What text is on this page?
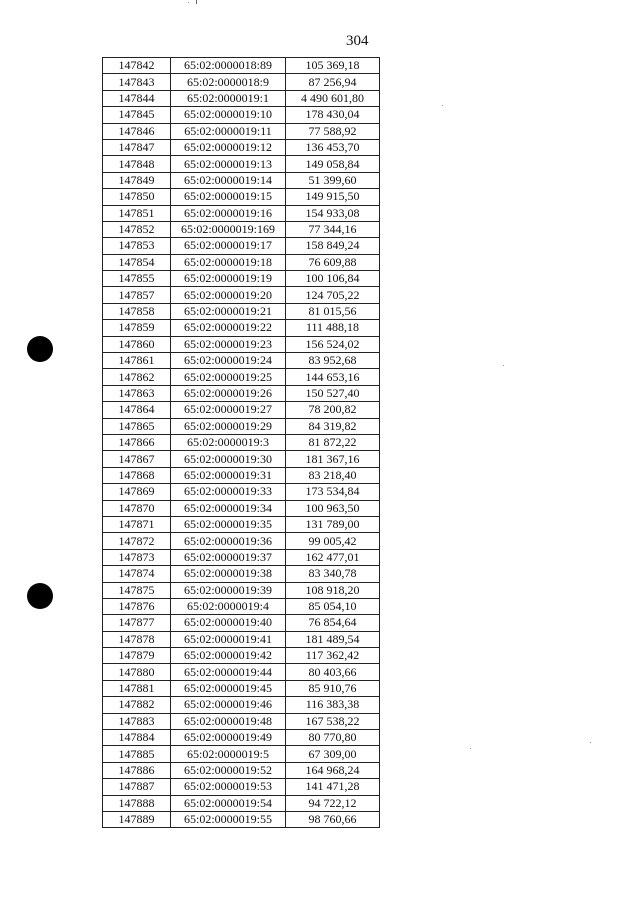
304
147842	65:02:0000018:89	105 369,18
147843	65:02:0000018:9	87 256,94
147844	65:02:0000019:1	4 490 601,80
147845	65:02:0000019:10	178 430,04
147846	65:02:0000019:11	77 588,92
147847	65:02:0000019:12	136 453,70
147848	65:02:0000019:13	149 058,84
147849	65:02:0000019:14	51 399,60
147850	65:02:0000019:15	149 915,50
147851	65:02:0000019:16	154 933,08
147852	65:02:0000019:169	77 344,16
147853	65:02:0000019:17	158 849,24
147854	65:02:0000019:18	76 609,88
147855	65:02:0000019:19	100 106,84
147857	65:02:0000019:20	124 705,22
147858	65:02:0000019:21	81 015,56
147859	65:02:0000019:22	111 488,18
147860	65:02:0000019:23	156 524,02
147861	65:02:0000019:24	83 952,68
147862	65:02:0000019:25	144 653,16
147863	65:02:0000019:26	150 527,40
147864	65:02:0000019:27	78 200,82
147865	65:02:0000019:29	84 319,82
147866	65:02:0000019:3	81 872,22
147867	65:02:0000019:30	181 367,16
147868	65:02:0000019:31	83 218,40
147869	65:02:0000019:33	173 534,84
147870	65:02:0000019:34	100 963,50
147871	65:02:0000019:35	131 789,00
147872	65:02:0000019:36	99 005,42
147873	65:02:0000019:37	162 477,01
147874	65:02:0000019:38	83 340,78
147875	65:02:0000019:39	108 918,20
147876	65:02:0000019:4	85 054,10
147877	65:02:0000019:40	76 854,64
147878	65:02:0000019:41	181 489,54
147879	65:02:0000019:42	117 362,42
147880	65:02:0000019:44	80 403,66
147881	65:02:0000019:45	85 910,76
147882	65:02:0000019:46	116 383,38
147883	65:02:0000019:48	167 538,22
147884	65:02:0000019:49	80 770,80
147885	65:02:0000019:5	67 309,00
147886	65:02:0000019:52	164 968,24
147887	65:02:0000019:53	141 471,28
147888	65:02:0000019:54	94 722,12
147889	65:02:0000019:55	98 760,66
